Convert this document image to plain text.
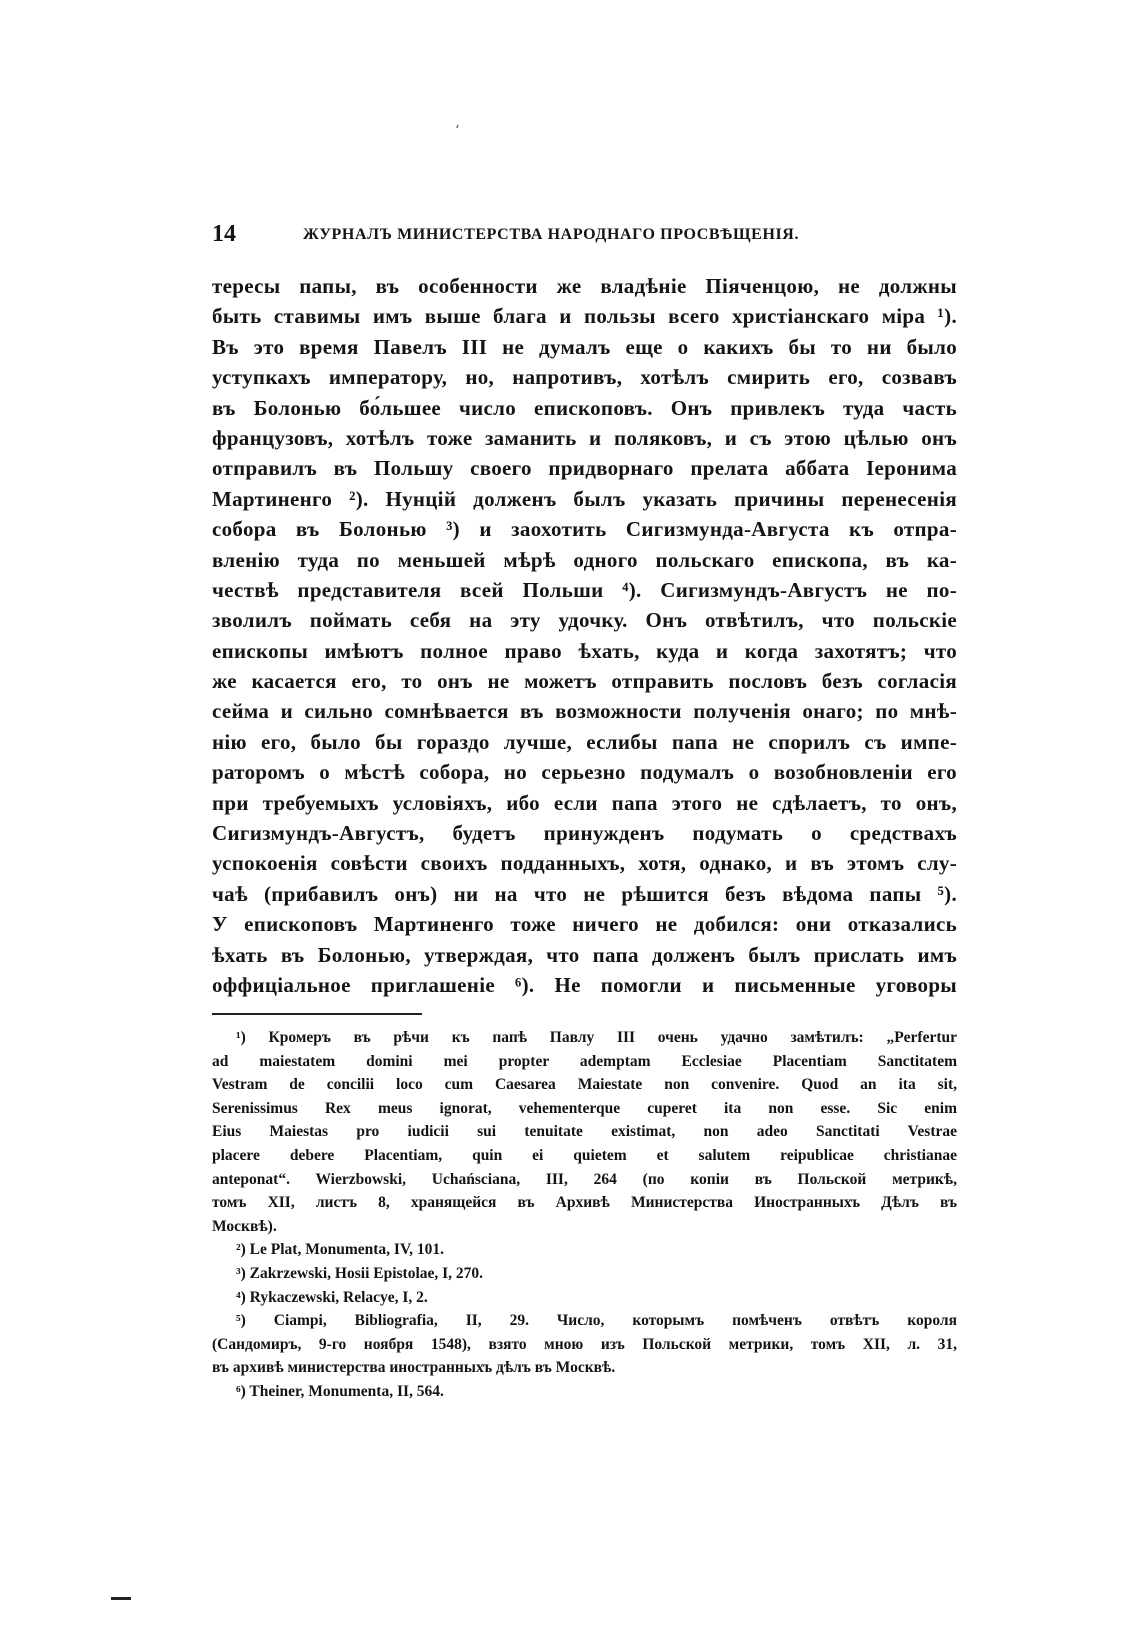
‘
14	ЖУРНАЛЪ МИНИСТЕРСТВА НАРОДНАГО ПРОСВѢЩЕНІЯ.
тересы папы, въ особенности же владѣніе Піяченцою, не должны
быть ставимы имъ выше блага и пользы всего христіанскаго міра ¹).
Въ это время Павелъ III не думалъ еще о какихъ бы то ни было
уступкахъ императору, но, напротивъ, хотѣлъ смирить его, созвавъ
въ Болонью бо́льшее число епископовъ. Онъ привлекъ туда часть
французовъ, хотѣлъ тоже заманить и поляковъ, и съ этою цѣлью онъ
отправилъ въ Польшу своего придворнаго прелата аббата Іеронима
Мартиненго ²). Нунцій долженъ былъ указать причины перенесенія
собора въ Болонью ³) и заохотить Сигизмунда-Августа къ отпра-
вленію туда по меньшей мѣрѣ одного польскаго епископа, въ ка-
чествѣ представителя всей Польши ⁴). Сигизмундъ-Августъ не по-
зволилъ поймать себя на эту удочку. Онъ отвѣтилъ, что польскіе
епископы имѣютъ полное право ѣхать, куда и когда захотятъ; что
же касается его, то онъ не можетъ отправить пословъ безъ согласія
сейма и сильно сомнѣвается въ возможности полученія онаго; по мнѣ-
нію его, было бы гораздо лучше, еслибы папа не спорилъ съ импе-
раторомъ о мѣстѣ собора, но серьезно подумалъ о возобновленіи его
при требуемыхъ условіяхъ, ибо если папа этого не сдѣлаетъ, то онъ,
Сигизмундъ-Августъ, будетъ принужденъ подумать о средствахъ
успокоенія совѣсти своихъ подданныхъ, хотя, однако, и въ этомъ слу-
чаѣ (прибавилъ онъ) ни на что не рѣшится безъ вѣдома папы ⁵).
У епископовъ Мартиненго тоже ничего не добился: они отказались
ѣхать въ Болонью, утверждая, что папа долженъ былъ прислать имъ
оффиціальное приглашеніе ⁶). Не помогли и письменные уговоры
¹) Кромеръ въ рѣчи къ папѣ Павлу III очень удачно замѣтилъ: „Perfertur
ad maiestatem domini mei propter ademptam Ecclesiae Placentiam Sanctitatem
Vestram de concilii loco cum Caesarea Maiestate non convenire. Quod an ita sit,
Serenissimus Rex meus ignorat, vehementerque cuperet ita non esse. Sic enim
Eius Maiestas pro iudicii sui tenuitate existimat, non adeo Sanctitati Vestrae
placere debere Placentiam, quin ei quietem et salutem reipublicae christianae
anteponat“. Wierzbowski, Uchańsciana, III, 264 (по копіи въ Польской метрикѣ,
томъ XII, листъ 8, хранящейся въ Архивѣ Министерства Иностранныхъ Дѣлъ въ
Москвѣ).
²) Le Plat, Monumenta, IV, 101.
³) Zakrzewski, Hosii Epistolae, I, 270.
⁴) Rykaczewski, Relacye, I, 2.
⁵) Ciampi, Bibliografia, II, 29. Число, которымъ помѣченъ отвѣтъ короля
(Сандомиръ, 9-го ноября 1548), взято мною изъ Польской метрики, томъ XII, л. 31,
въ архивѣ министерства иностранныхъ дѣлъ въ Москвѣ.
⁶) Theiner, Monumenta, II, 564.
